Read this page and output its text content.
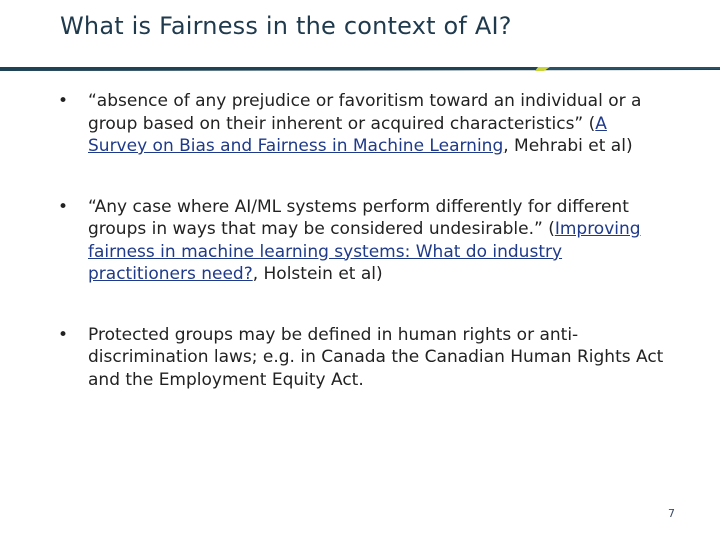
What is Fairness in the context of AI?
• “absence of any prejudice or favoritism toward an individual or a group based on their inherent or acquired characteristics” (A Survey on Bias and Fairness in Machine Learning, Mehrabi et al)
• “Any case where AI/ML systems perform differently for different groups in ways that may be considered undesirable.” (Improving fairness in machine learning systems: What do industry practitioners need?, Holstein et al)
• Protected groups may be defined in human rights or anti-discrimination laws; e.g. in Canada the Canadian Human Rights Act and the Employment Equity Act.
7
